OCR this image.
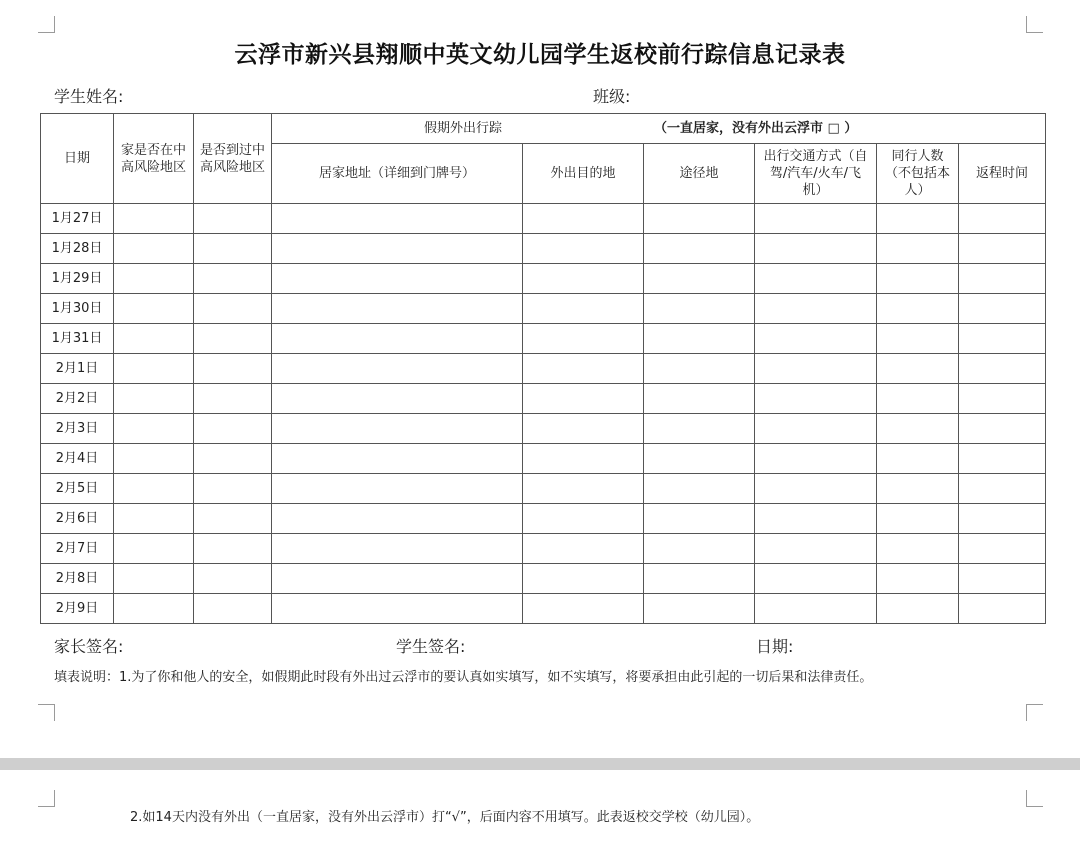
云浮市新兴县翔顺中英文幼儿园学生返校前行踪信息记录表
学生姓名:	班级:
日期	家是否在中高风险地区	是否到过中高风险地区	假期外出行踪 （一直居家，没有外出云浮市 □ ）					

			居家地址（详细到门牌号）	外出目的地	途径地	出行交通方式（自驾/汽车/火车/飞机）	同行人数（不包括本人）	返程时间
1月27日								
1月28日								
1月29日								
1月30日								
1月31日								
2月1日								
2月2日								
2月3日								
2月4日								
2月5日								
2月6日								
2月7日								
2月8日								
2月9日								
家长签名:	学生签名:	日期:
填表说明：1.为了你和他人的安全，如假期此时段有外出过云浮市的要认真如实填写，如不实填写，将要承担由此引起的一切后果和法律责任。
2.如14天内没有外出（一直居家，没有外出云浮市）打“√”，后面内容不用填写。此表返校交学校（幼儿园）。
